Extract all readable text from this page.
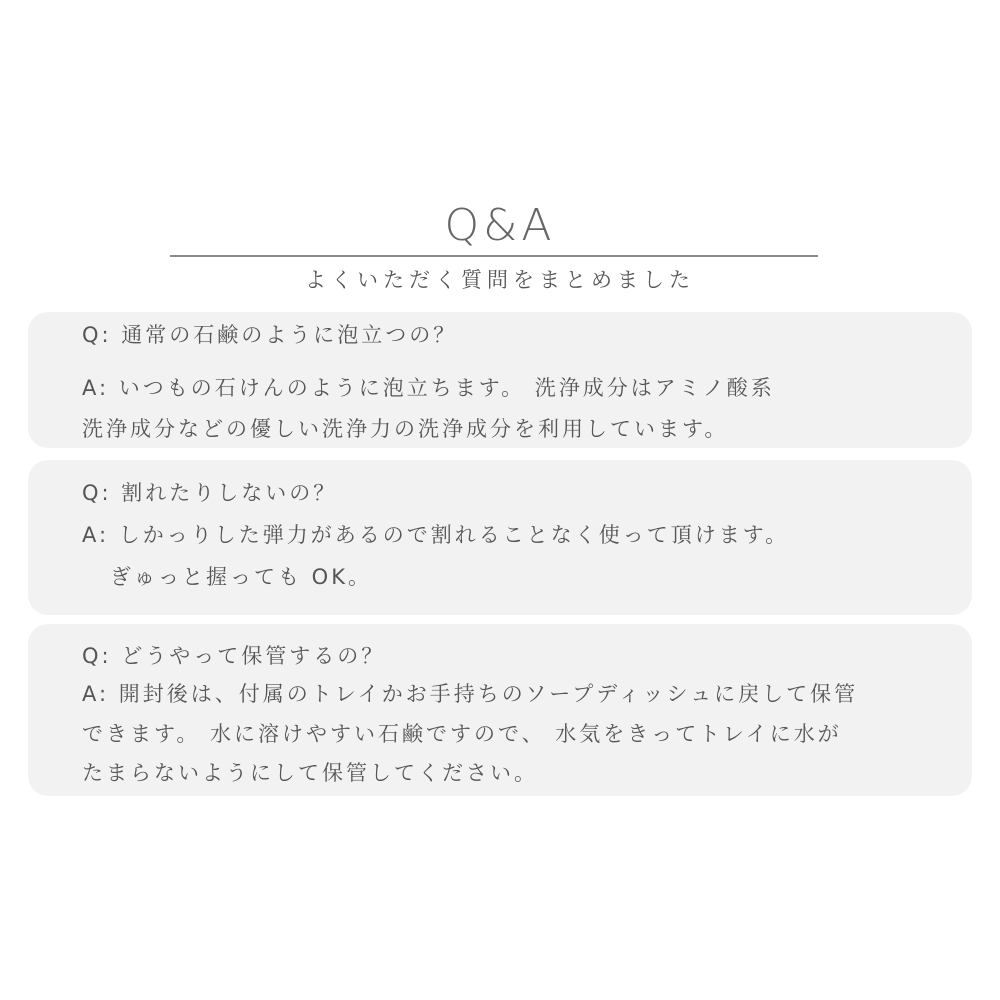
Q&A
よくいただく質問をまとめました
Q: 通常の石鹸のように泡立つの？
A: いつもの石けんのように泡立ちます。 洗浄成分はアミノ酸系
洗浄成分などの優しい洗浄力の洗浄成分を利用しています。
Q: 割れたりしないの？
A: しかっりした弾力があるので割れることなく使って頂けます。
ぎゅっと握っても OK。
Q: どうやって保管するの？
A: 開封後は、付属のトレイかお手持ちのソープディッシュに戻して保管
できます。 水に溶けやすい石鹸ですので、 水気をきってトレイに水が
たまらないようにして保管してください。
